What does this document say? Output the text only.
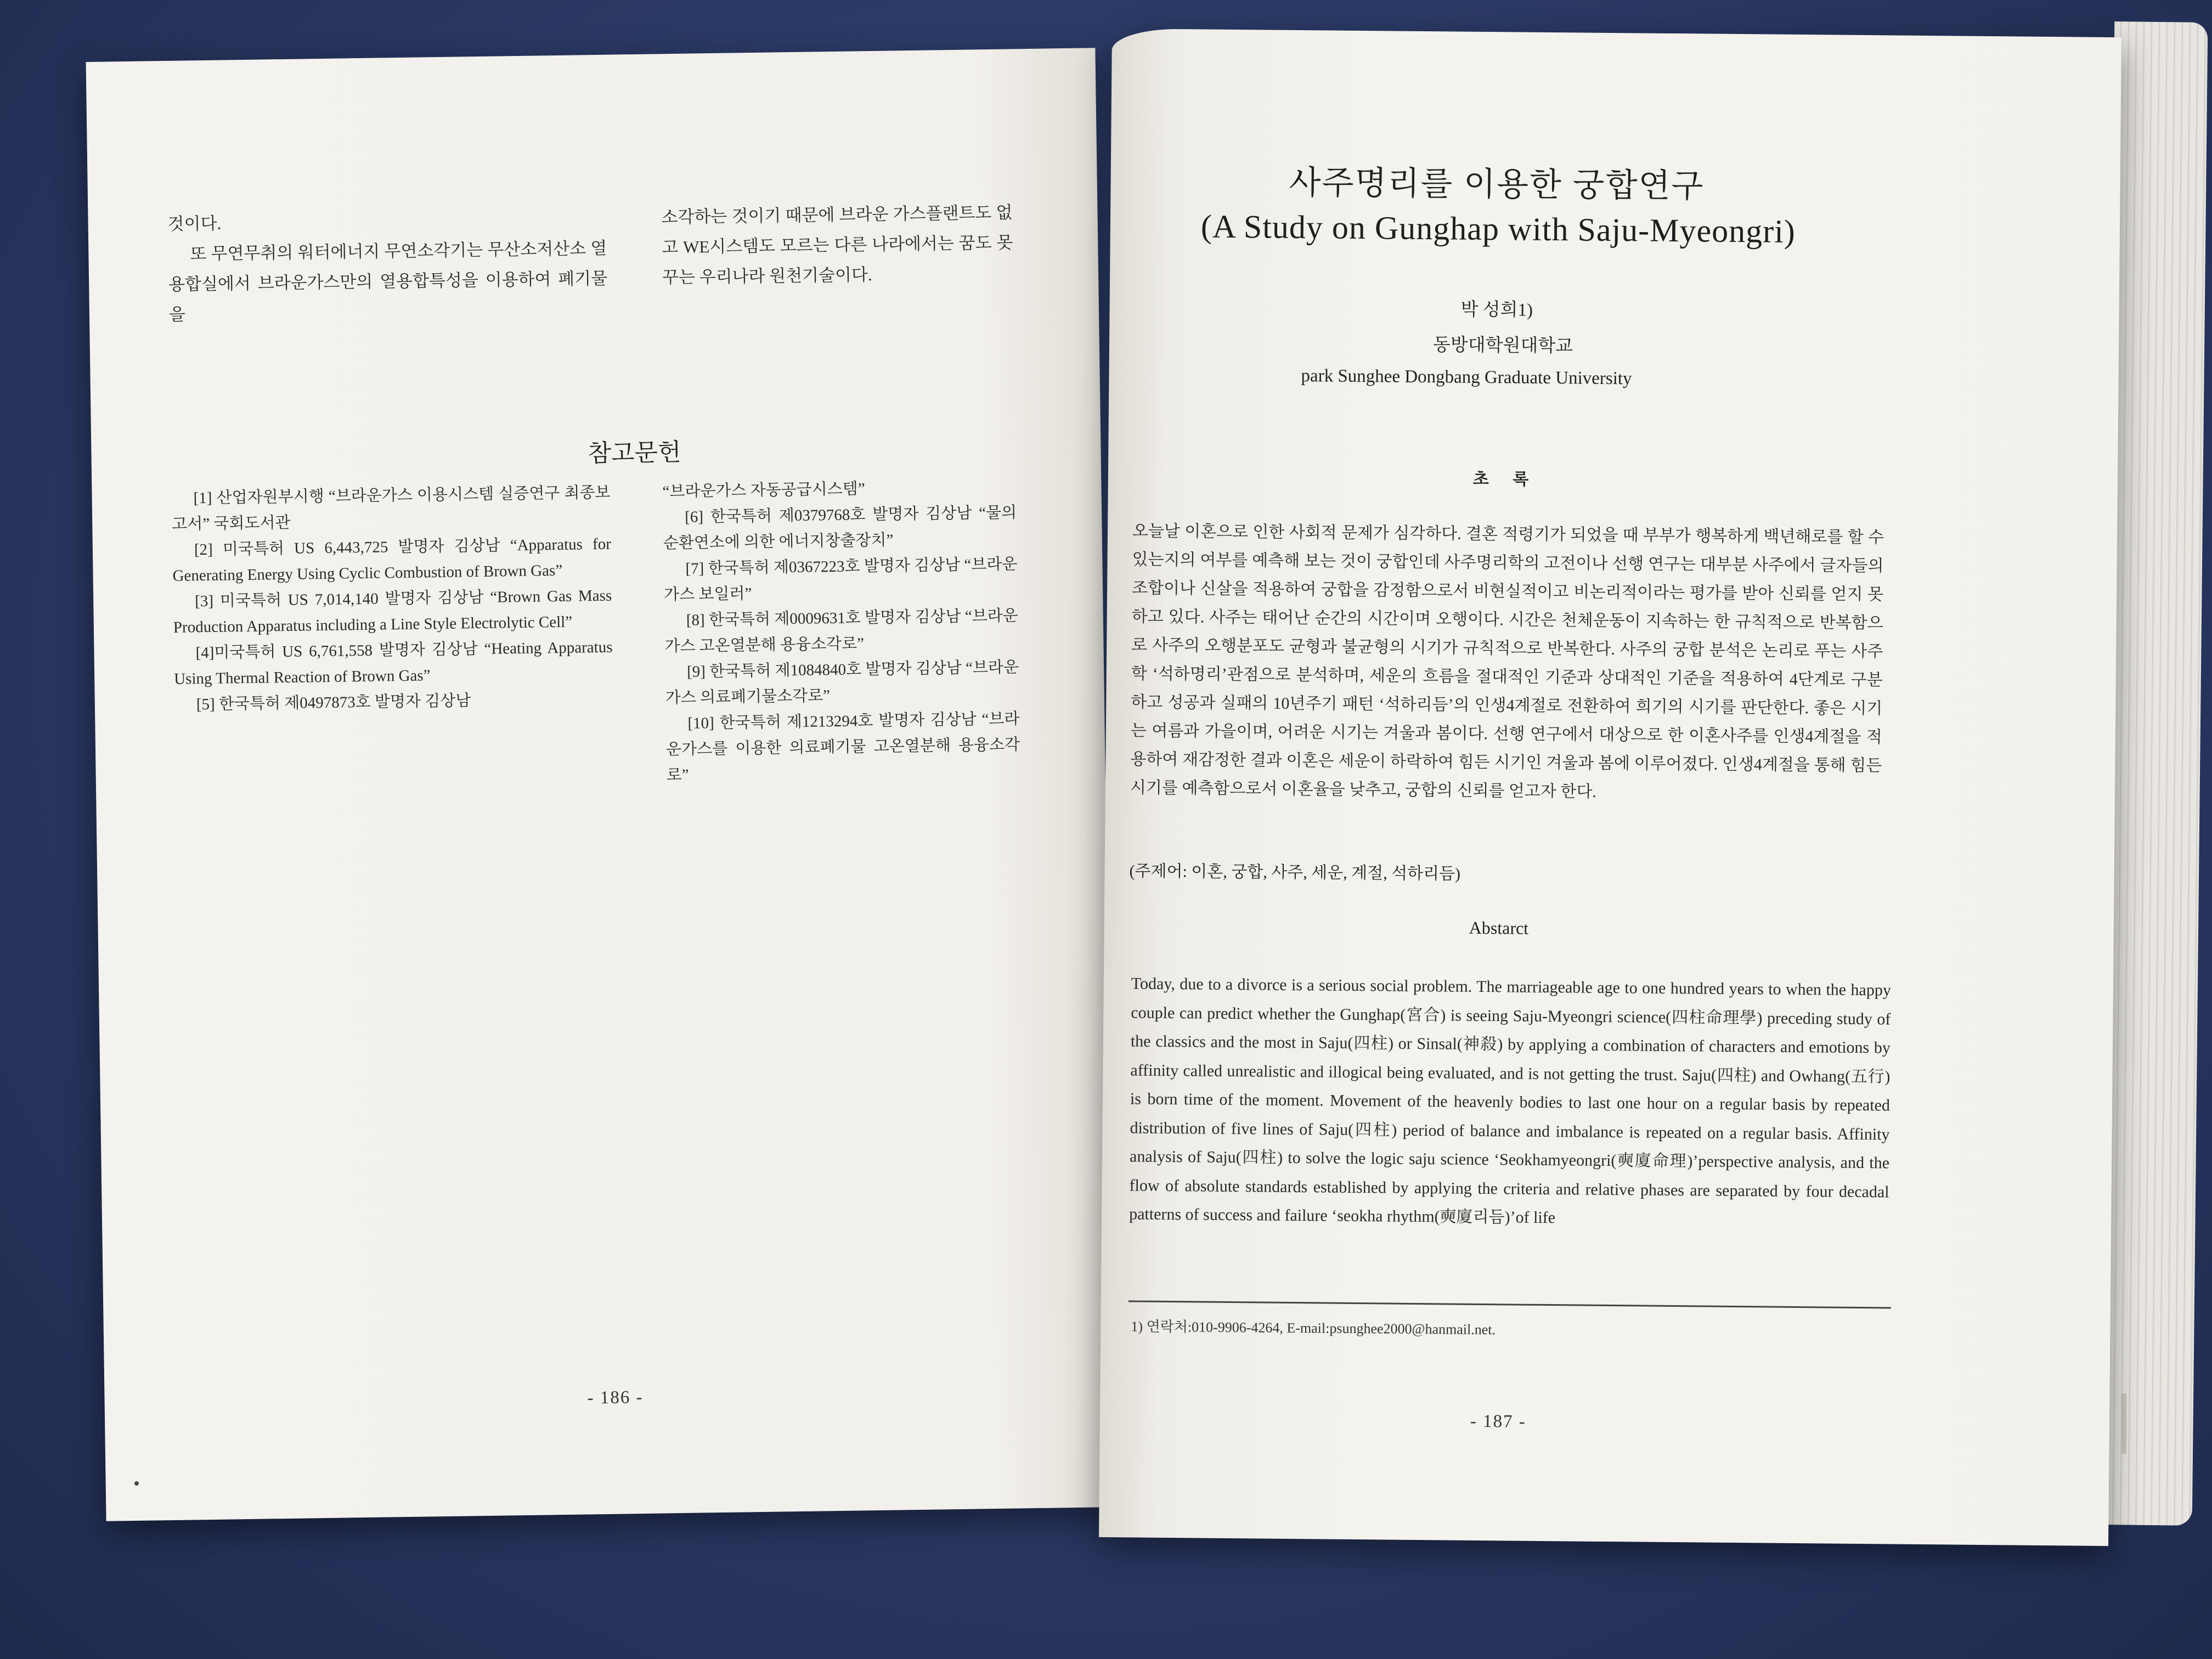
것이다.

또 무연무취의 워터에너지 무연소각기는 무산소저산소 열용합실에서 브라운가스만의 열용합특성을 이용하여 폐기물을

소각하는 것이기 때문에 브라운 가스플랜트도 없고 WE시스템도 모르는 다른 나라에서는 꿈도 못 꾸는 우리나라 원천기술이다.

참고문헌

[1] 산업자원부시행 “브라운가스 이용시스템 실증연구 최종보고서” 국회도서관

[2] 미국특허 US 6,443,725 발명자 김상남 “Apparatus for Generating Energy Using Cyclic Combustion of Brown Gas”

[3] 미국특허 US 7,014,140 발명자 김상남 “Brown Gas Mass Production Apparatus including a Line Style Electrolytic Cell”

[4]미국특허 US 6,761,558 발명자 김상남 “Heating Apparatus Using Thermal Reaction of Brown Gas”

[5] 한국특허 제0497873호 발명자 김상남

“브라운가스 자동공급시스템”

[6] 한국특허 제0379768호 발명자 김상남 “물의 순환연소에 의한 에너지창출장치”

[7] 한국특허 제0367223호 발명자 김상남 “브라운가스 보일러”

[8] 한국특허 제0009631호 발명자 김상남 “브라운가스 고온열분해 용융소각로”

[9] 한국특허 제1084840호 발명자 김상남 “브라운가스 의료폐기물소각로”

[10] 한국특허 제1213294호 발명자 김상남 “브라운가스를 이용한 의료폐기물 고온열분해 용융소각로”

- 186 -
사주명리를 이용한 궁합연구
(A Study on Gunghap with Saju-Myeongri)
박 성희1)
동방대학원대학교
park Sunghee Dongbang Graduate University
초 록

오늘날 이혼으로 인한 사회적 문제가 심각하다. 결혼 적령기가 되었을 때 부부가 행복하게 백년해로를 할 수 있는지의 여부를 예측해 보는 것이 궁합인데 사주명리학의 고전이나 선행 연구는 대부분 사주에서 글자들의 조합이나 신살을 적용하여 궁합을 감정함으로서 비현실적이고 비논리적이라는 평가를 받아 신뢰를 얻지 못하고 있다. 사주는 태어난 순간의 시간이며 오행이다. 시간은 천체운동이 지속하는 한 규칙적으로 반복함으로 사주의 오행분포도 균형과 불균형의 시기가 규칙적으로 반복한다. 사주의 궁합 분석은 논리로 푸는 사주학 ‘석하명리’관점으로 분석하며, 세운의 흐름을 절대적인 기준과 상대적인 기준을 적용하여 4단계로 구분하고 성공과 실패의 10년주기 패턴 ‘석하리듬’의 인생4계절로 전환하여 희기의 시기를 판단한다. 좋은 시기는 여름과 가을이며, 어려운 시기는 겨울과 봄이다. 선행 연구에서 대상으로 한 이혼사주를 인생4계절을 적용하여 재감정한 결과 이혼은 세운이 하락하여 힘든 시기인 겨울과 봄에 이루어졌다. 인생4계절을 통해 힘든 시기를 예측함으로서 이혼율을 낮추고, 궁합의 신뢰를 얻고자 한다.

(주제어: 이혼, 궁합, 사주, 세운, 계절, 석하리듬)
Abstarct

Today, due to a divorce is a serious social problem. The marriageable age to one hundred years to when the happy couple can predict whether the Gunghap(宮合) is seeing Saju-Myeongri science(四柱命理學) preceding study of the classics and the most in Saju(四柱) or Sinsal(神殺) by applying a combination of characters and emotions by affinity called unrealistic and illogical being evaluated, and is not getting the trust. Saju(四柱) and Owhang(五行) is born time of the moment. Movement of the heavenly bodies to last one hour on a regular basis by repeated distribution of five lines of Saju(四柱) period of balance and imbalance is repeated on a regular basis. Affinity analysis of Saju(四柱) to solve the logic saju science ‘Seokhamyeongri(奭廈命理)’perspective analysis, and the flow of absolute standards established by applying the criteria and relative phases are separated by four decadal patterns of success and failure ‘seokha rhythm(奭廈리듬)’of life

1) 연락처:010-9906-4264, E-mail:psunghee2000@hanmail.net.
- 187 -
